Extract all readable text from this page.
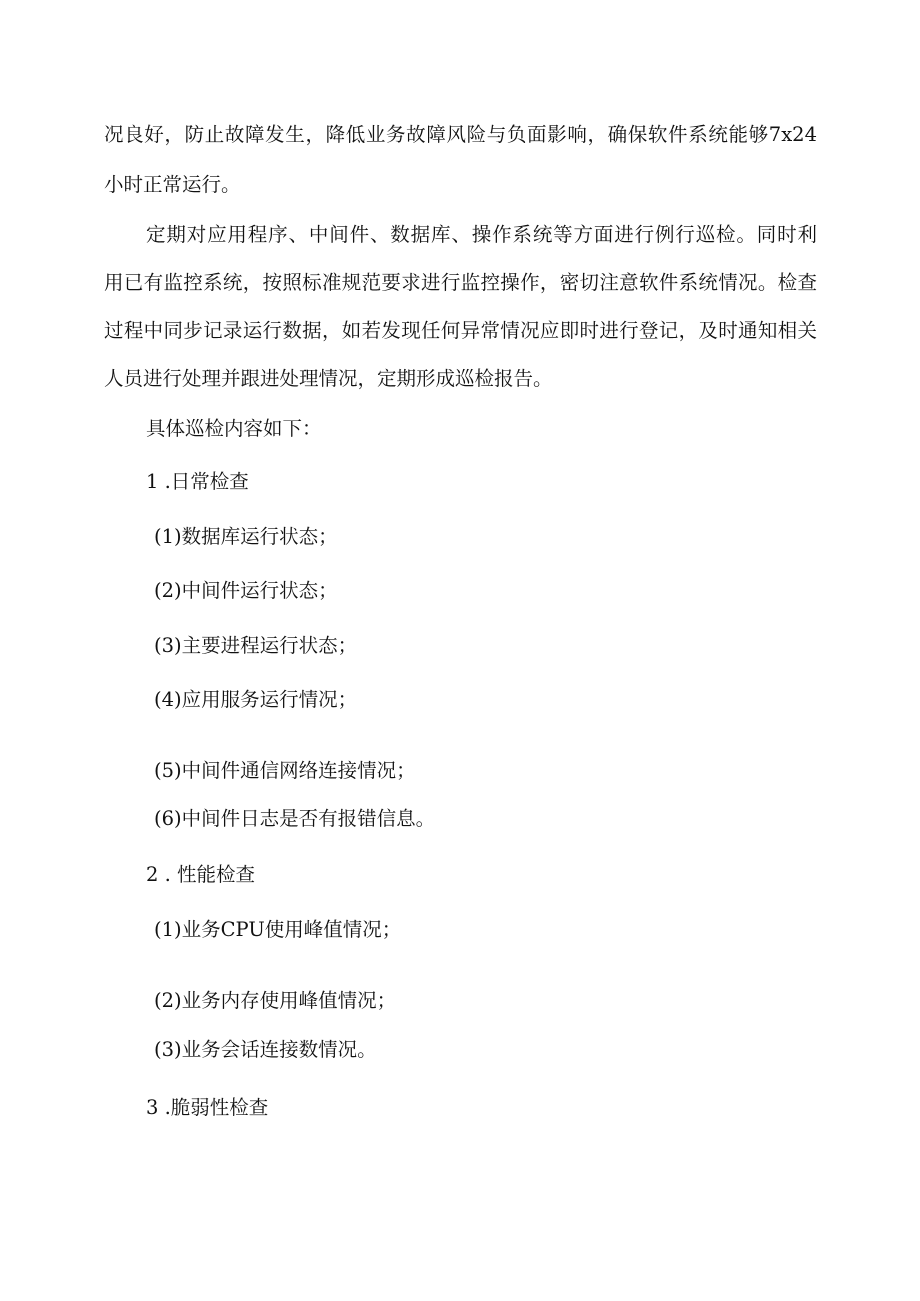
况良好，防止故障发生，降低业务故障风险与负面影响，确保软件系统能够7x24

小时正常运行。

定期对应用程序、中间件、数据库、操作系统等方面进行例行巡检。同时利

用已有监控系统，按照标准规范要求进行监控操作，密切注意软件系统情况。检查

过程中同步记录运行数据，如若发现任何异常情况应即时进行登记，及时通知相关

人员进行处理并跟进处理情况，定期形成巡检报告。

具体巡检内容如下：

1 .日常检查

(1)数据库运行状态；

(2)中间件运行状态；

(3)主要进程运行状态；

(4)应用服务运行情况；

(5)中间件通信网络连接情况；

(6)中间件日志是否有报错信息。

2 . 性能检查

(1)业务CPU使用峰值情况；

(2)业务内存使用峰值情况；

(3)业务会话连接数情况。

3 .脆弱性检查
